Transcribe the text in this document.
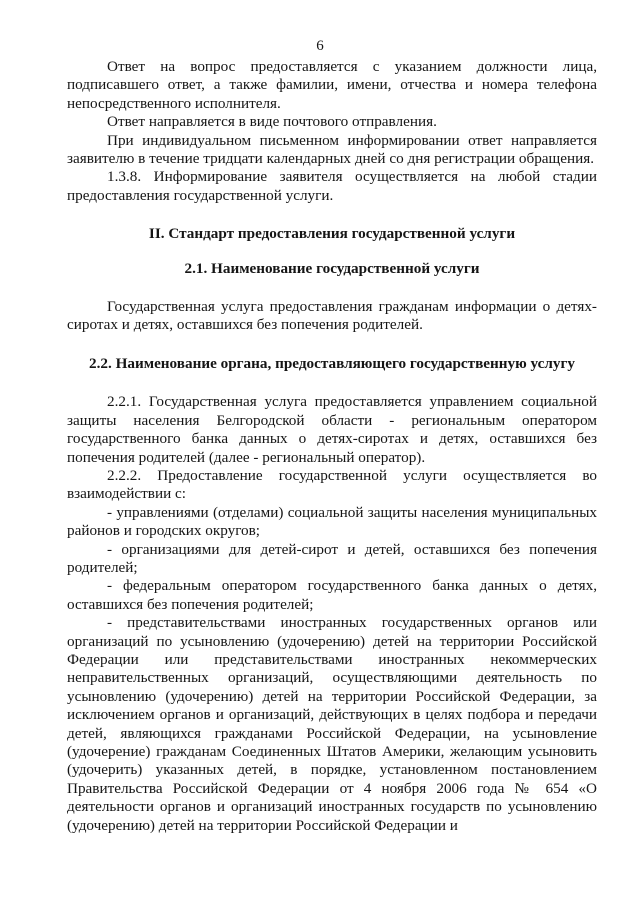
6

Ответ на вопрос предоставляется с указанием должности лица, подписавшего ответ, а также фамилии, имени, отчества и номера телефона непосредственного исполнителя.

Ответ направляется в виде почтового отправления.

При индивидуальном письменном информировании ответ направляется заявителю в течение тридцати календарных дней со дня регистрации обращения.

1.3.8. Информирование заявителя осуществляется на любой стадии предоставления государственной услуги.

II. Стандарт предоставления государственной услуги
2.1. Наименование государственной услуги

Государственная услуга предоставления гражданам информации о детях-сиротах и детях, оставшихся без попечения родителей.

2.2. Наименование органа, предоставляющего государственную услугу

2.2.1. Государственная услуга предоставляется управлением социальной защиты населения Белгородской области - региональным оператором государственного банка данных о детях-сиротах и детях, оставшихся без попечения родителей (далее - региональный оператор).

2.2.2. Предоставление государственной услуги осуществляется во взаимодействии с:

- управлениями (отделами) социальной защиты населения муниципальных районов и городских округов;

- организациями для детей-сирот и детей, оставшихся без попечения родителей;

- федеральным оператором государственного банка данных о детях, оставшихся без попечения родителей;

- представительствами иностранных государственных органов или организаций по усыновлению (удочерению) детей на территории Российской Федерации или представительствами иностранных некоммерческих неправительственных организаций, осуществляющими деятельность по усыновлению (удочерению) детей на территории Российской Федерации, за исключением органов и организаций, действующих в целях подбора и передачи детей, являющихся гражданами Российской Федерации, на усыновление (удочерение) гражданам Соединенных Штатов Америки, желающим усыновить (удочерить) указанных детей, в порядке, установленном постановлением Правительства Российской Федерации от 4 ноября 2006 года № 654 «О деятельности органов и организаций иностранных государств по усыновлению (удочерению) детей на территории Российской Федерации и
